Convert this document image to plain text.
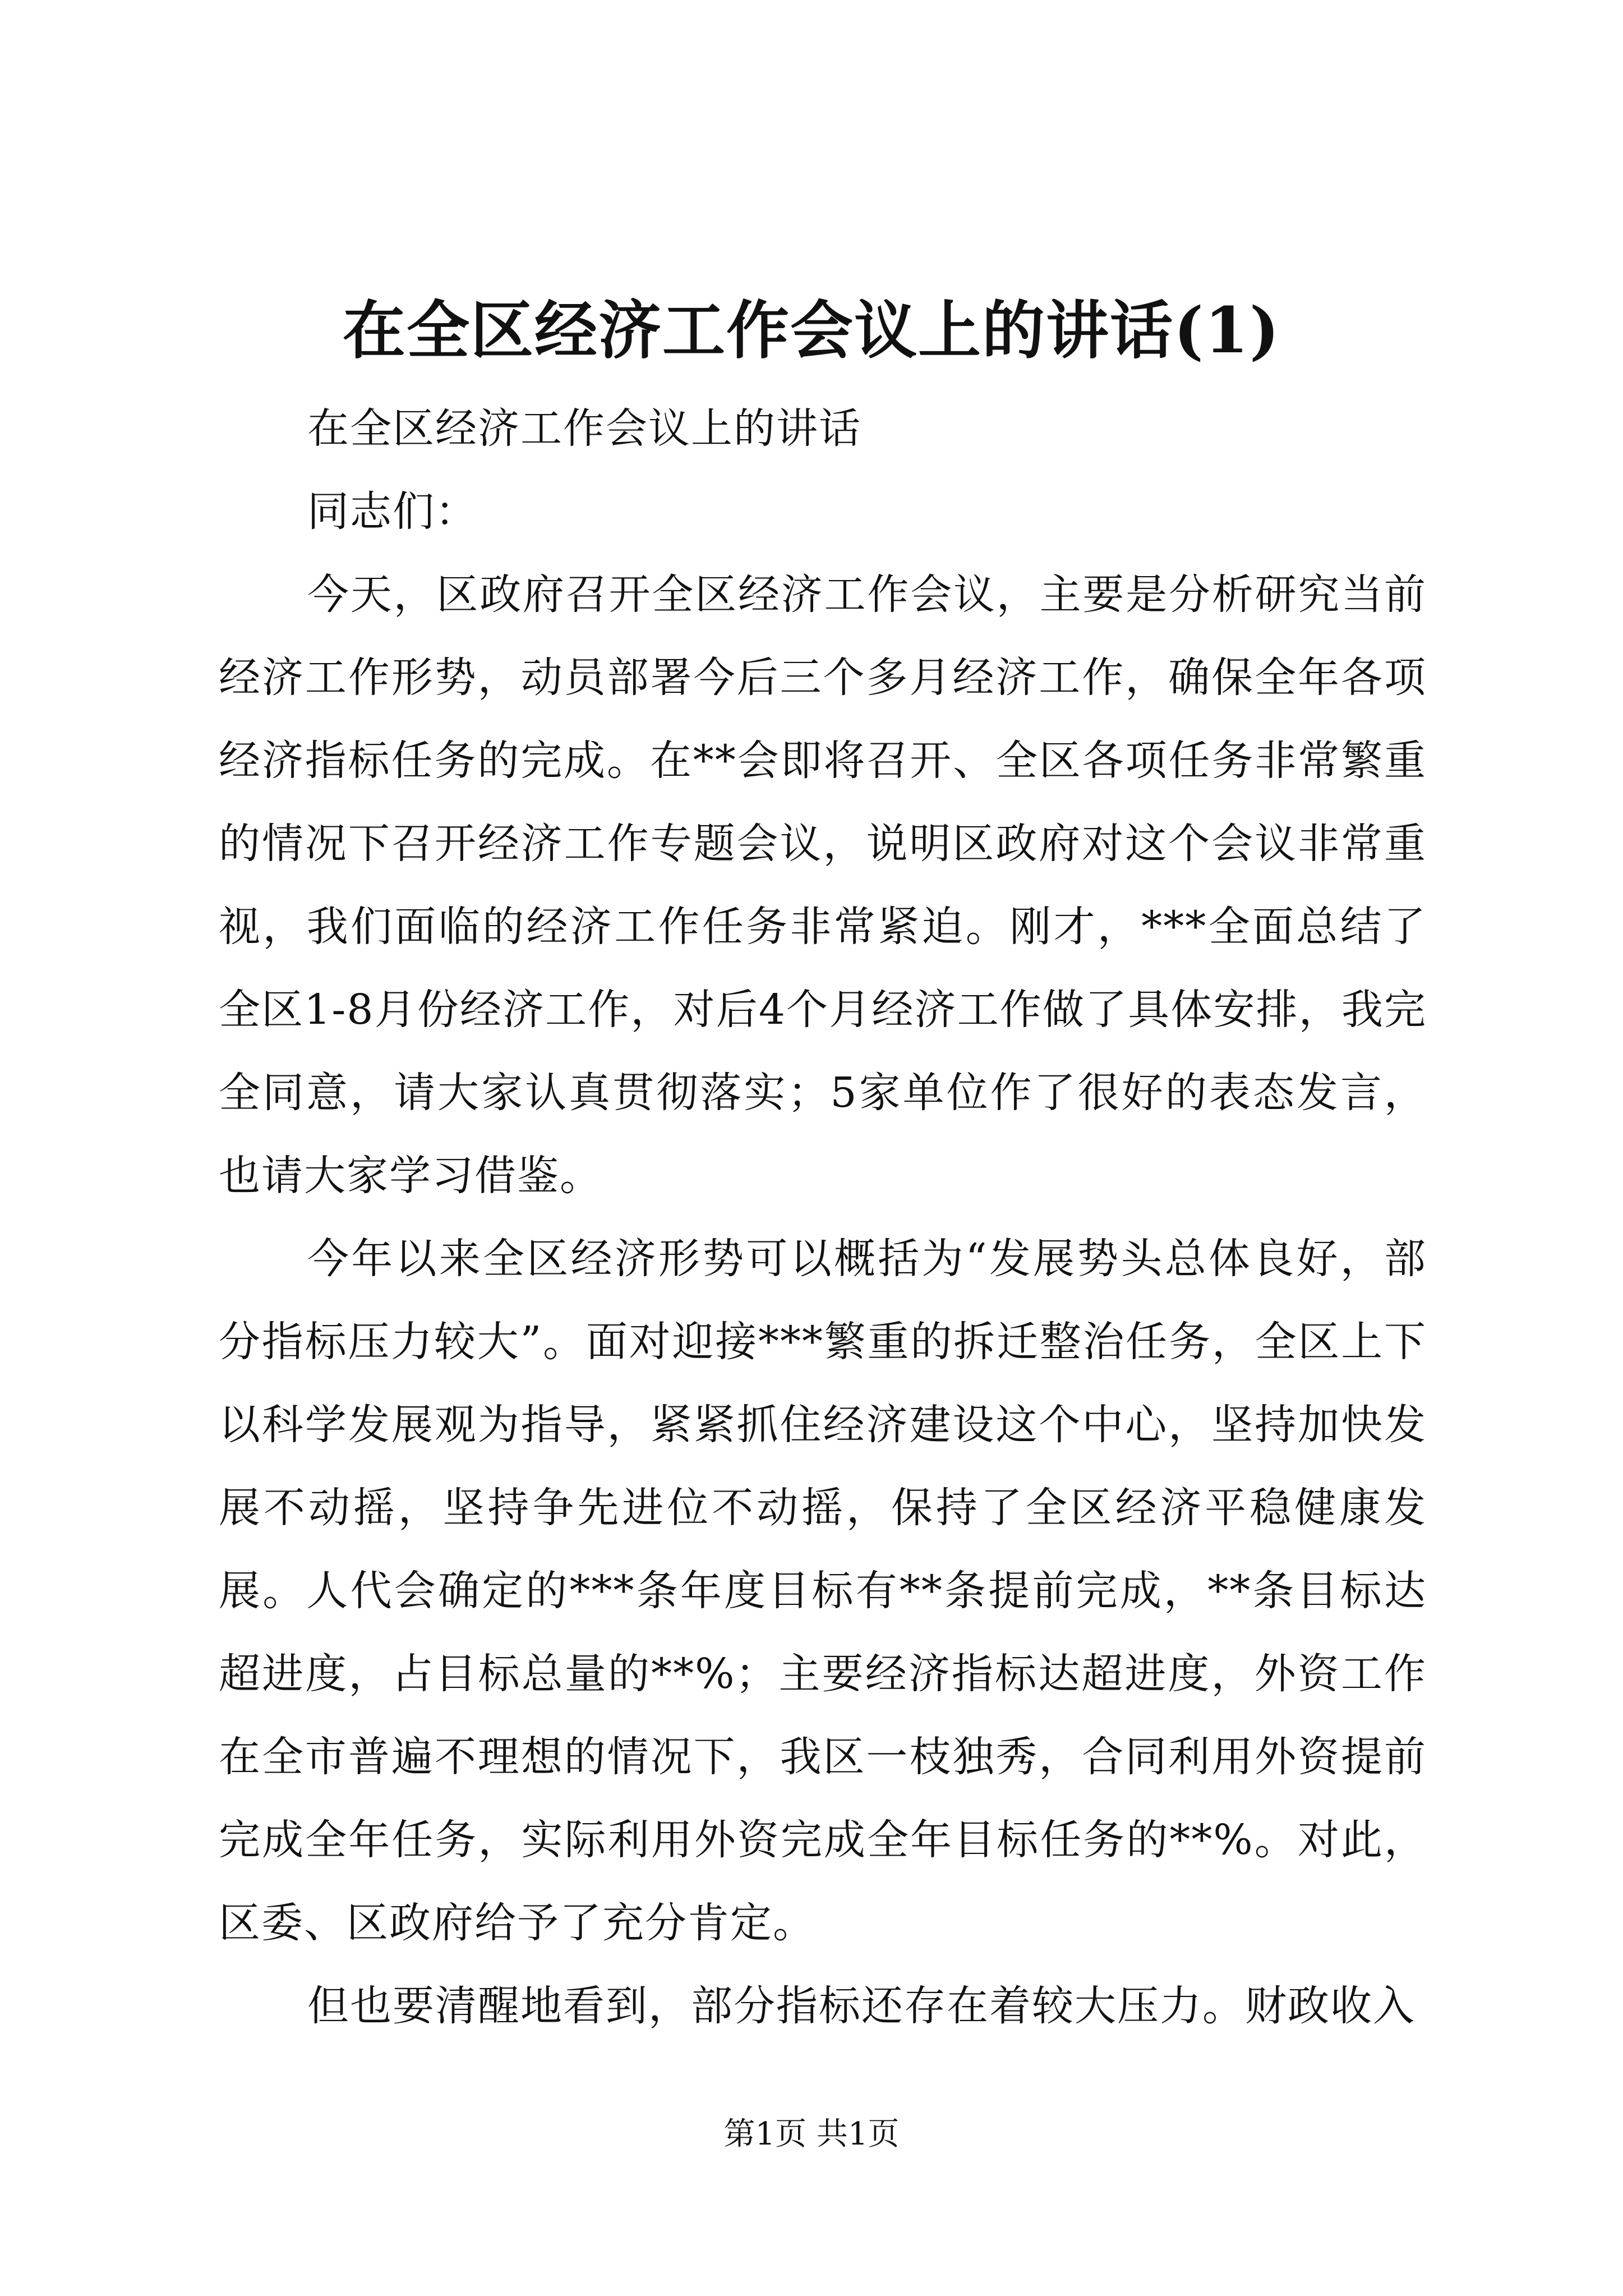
在全区经济工作会议上的讲话(1)

在全区经济工作会议上的讲话

同志们：

今天，区政府召开全区经济工作会议，主要是分析研究当前经济工作形势，动员部署今后三个多月经济工作，确保全年各项经济指标任务的完成。在**会即将召开、全区各项任务非常繁重的情况下召开经济工作专题会议，说明区政府对这个会议非常重视，我们面临的经济工作任务非常紧迫。刚才，***全面总结了全区1-8月份经济工作，对后4个月经济工作做了具体安排，我完全同意，请大家认真贯彻落实；5家单位作了很好的表态发言，也请大家学习借鉴。

今年以来全区经济形势可以概括为“发展势头总体良好，部分指标压力较大”。面对迎接***繁重的拆迁整治任务，全区上下以科学发展观为指导，紧紧抓住经济建设这个中心，坚持加快发展不动摇，坚持争先进位不动摇，保持了全区经济平稳健康发展。人代会确定的***条年度目标有**条提前完成，**条目标达超进度，占目标总量的**%；主要经济指标达超进度，外资工作在全市普遍不理想的情况下，我区一枝独秀，合同利用外资提前完成全年任务，实际利用外资完成全年目标任务的**%。对此，区委、区政府给予了充分肯定。

但也要清醒地看到，部分指标还存在着较大压力。财政收入

第1页 共1页
